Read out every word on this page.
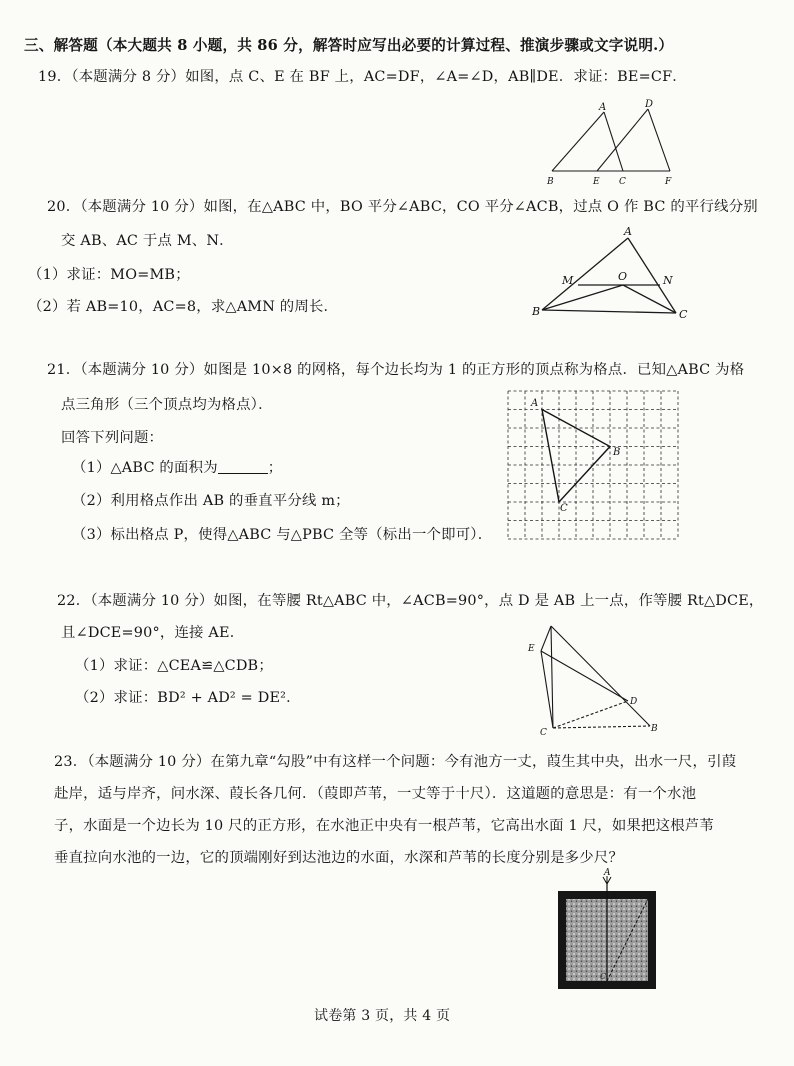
三、解答题（本大题共 8 小题，共 86 分，解答时应写出必要的计算过程、推演步骤或文字说明.）
19．（本题满分 8 分）如图，点 C、E 在 BF 上，AC=DF，∠A=∠D，AB∥DE．求证：BE=CF．
A	D
B	E C	F
20．（本题满分 10 分）如图，在△ABC 中，BO 平分∠ABC，CO 平分∠ACB，过点 O 作 BC 的平行线分别
交 AB、AC 于点 M、N．
（1）求证：MO=MB；
（2）若 AB=10，AC=8，求△AMN 的周长．
A
M	O	N
B	C
21．（本题满分 10 分）如图是 10×8 的网格，每个边长均为 1 的正方形的顶点称为格点．已知△ABC 为格
点三角形（三个顶点均为格点）．
回答下列问题：
（1）△ABC 的面积为	；
（2）利用格点作出 AB 的垂直平分线 m；
（3）标出格点 P，使得△ABC 与△PBC 全等（标出一个即可）．
A
B
C
22．（本题满分 10 分）如图，在等腰 Rt△ABC 中，∠ACB=90°，点 D 是 AB 上一点，作等腰 Rt△DCE，
且∠DCE=90°，连接 AE．
（1）求证：△CEA≌△CDB；
（2）求证：BD² + AD² = DE²．
E
D
C	B
23．（本题满分 10 分）在第九章“勾股”中有这样一个问题：今有池方一丈，葭生其中央，出水一尺，引葭
赴岸，适与岸齐，问水深、葭长各几何．（葭即芦苇，一丈等于十尺）．这道题的意思是：有一个水池
子，水面是一个边长为 10 尺的正方形，在水池正中央有一根芦苇，它高出水面 1 尺，如果把这根芦苇
垂直拉向水池的一边，它的顶端刚好到达池边的水面，水深和芦苇的长度分别是多少尺？
A
B	D
C
试卷第 3 页，共 4 页
